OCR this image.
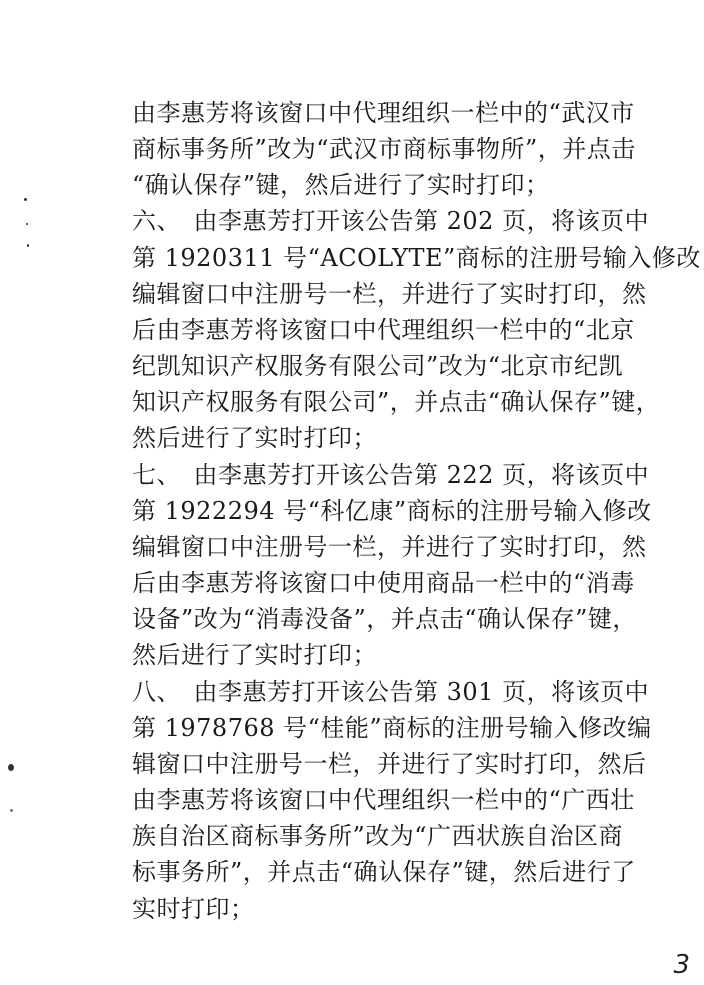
由李惠芳将该窗口中代理组织一栏中的“武汉市
商标事务所”改为“武汉市商标事物所”，并点击
“确认保存”键，然后进行了实时打印；
六、　由李惠芳打开该公告第 202 页，将该页中
第 1920311 号“ACOLYTE”商标的注册号输入修改
编辑窗口中注册号一栏，并进行了实时打印，然
后由李惠芳将该窗口中代理组织一栏中的“北京
纪凯知识产权服务有限公司”改为“北京市纪凯
知识产权服务有限公司”，并点击“确认保存”键，
然后进行了实时打印；
七、　由李惠芳打开该公告第 222 页，将该页中
第 1922294 号“科亿康”商标的注册号输入修改
编辑窗口中注册号一栏，并进行了实时打印，然
后由李惠芳将该窗口中使用商品一栏中的“消毒
设备”改为“消毒没备”，并点击“确认保存”键，
然后进行了实时打印；
八、　由李惠芳打开该公告第 301 页，将该页中
第 1978768 号“桂能”商标的注册号输入修改编
辑窗口中注册号一栏，并进行了实时打印，然后
由李惠芳将该窗口中代理组织一栏中的“广西壮
族自治区商标事务所”改为“广西状族自治区商
标事务所”，并点击“确认保存”键，然后进行了
实时打印；
3
